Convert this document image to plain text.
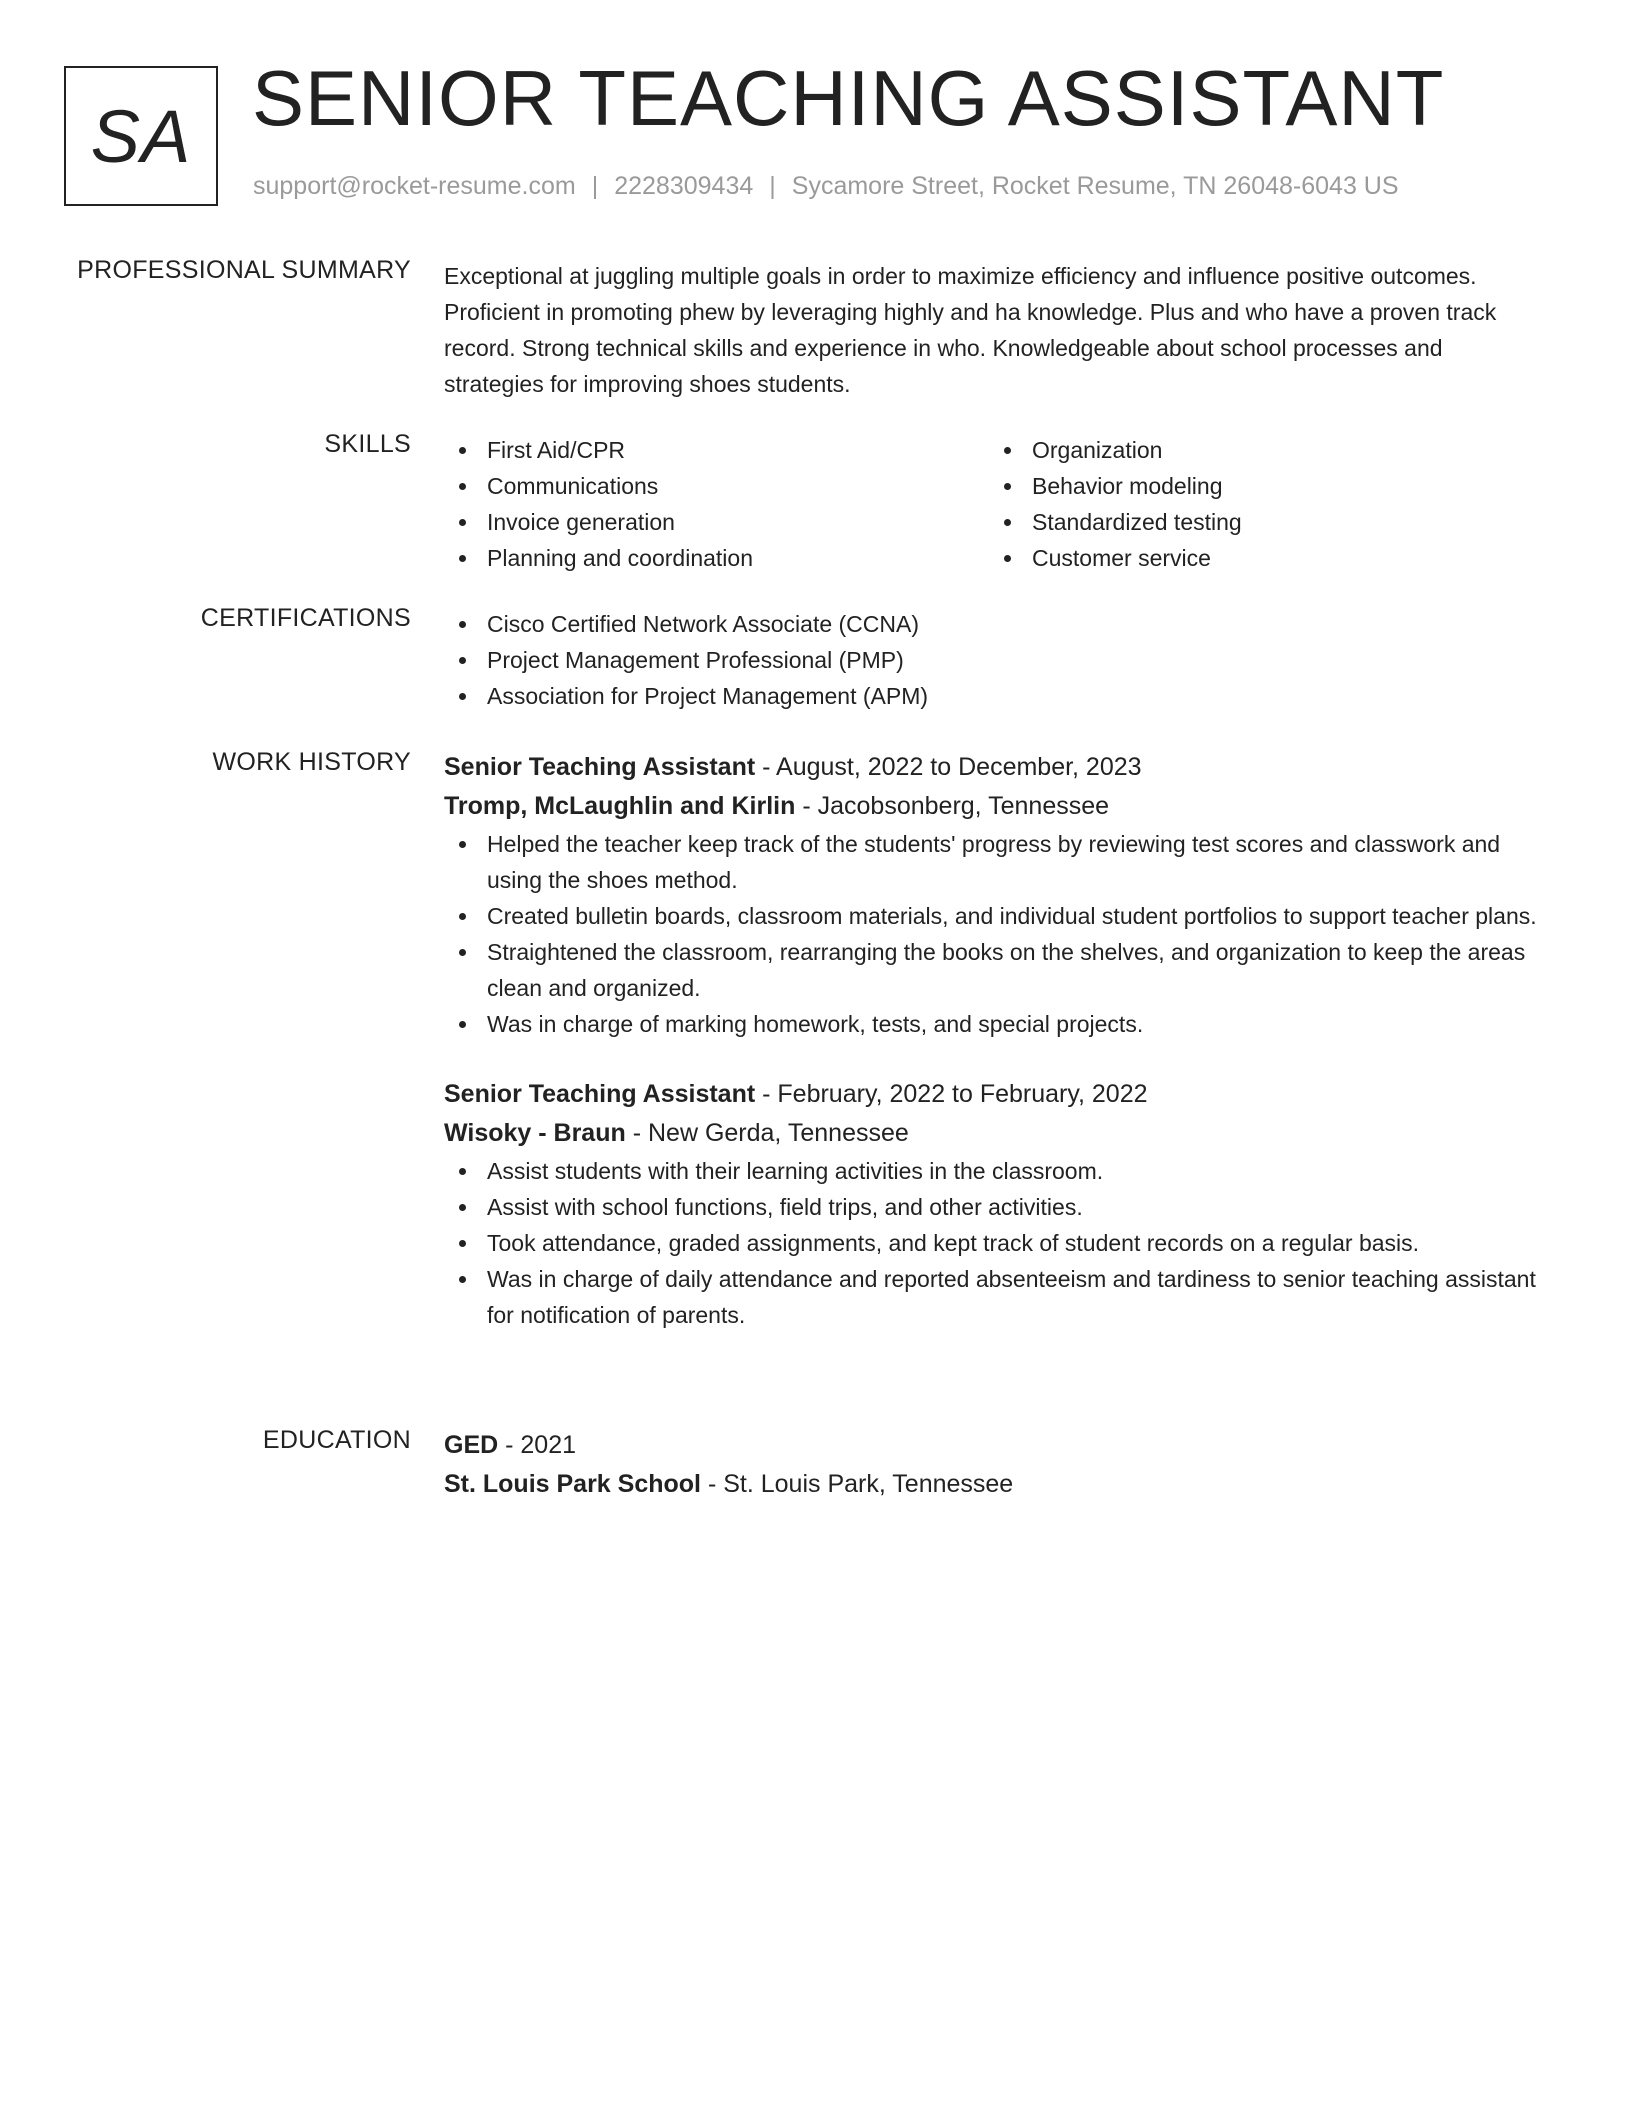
SA SENIOR TEACHING ASSISTANT
support@rocket-resume.com | 2228309434 | Sycamore Street, Rocket Resume, TN 26048-6043 US
PROFESSIONAL SUMMARY Exceptional at juggling multiple goals in order to maximize efficiency and influence positive outcomes. Proficient in promoting phew by leveraging highly and ha knowledge. Plus and who have a proven track record. Strong technical skills and experience in who. Knowledgeable about school processes and strategies for improving shoes students.

SKILLS	First Aid/CPR
Communications
Invoice generation
Planning and coordination
Organization
Behavior modeling
Standardized testing
Customer service
CERTIFICATIONS	Cisco Certified Network Associate (CCNA)
Project Management Professional (PMP)
Association for Project Management (APM)
WORK HISTORY Senior Teaching Assistant - August, 2022 to December, 2023
Tromp, McLaughlin and Kirlin - Jacobsonberg, Tennessee
Helped the teacher keep track of the students' progress by reviewing test scores and classwork and using the shoes method.
Created bulletin boards, classroom materials, and individual student portfolios to support teacher plans.
Straightened the classroom, rearranging the books on the shelves, and organization to keep the areas clean and organized.
Was in charge of marking homework, tests, and special projects.
Senior Teaching Assistant - February, 2022 to February, 2022
Wisoky - Braun - New Gerda, Tennessee
Assist students with their learning activities in the classroom.
Assist with school functions, field trips, and other activities.
Took attendance, graded assignments, and kept track of student records on a regular basis.
Was in charge of daily attendance and reported absenteeism and tardiness to senior teaching assistant for notification of parents.
EDUCATION GED - 2021
St. Louis Park School - St. Louis Park, Tennessee
